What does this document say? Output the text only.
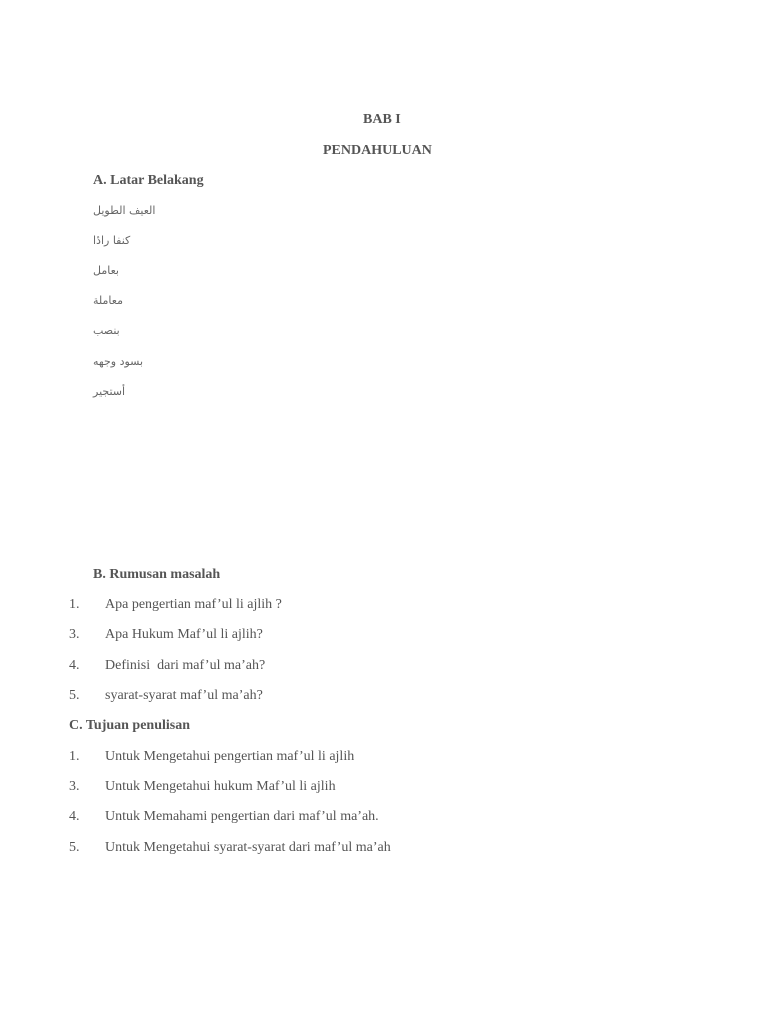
BAB I
PENDAHULUAN
A. Latar Belakang
العيف الطويل
كنفا رادٔا
بعامل
معاملة
بنصب
بسود وجهه
أستجير
B. Rumusan masalah
1. Apa pengertian maf’ul li ajlih ?
3. Apa Hukum Maf’ul li ajlih?
4. Definisi  dari maf’ul ma’ah?
5. syarat-syarat maf’ul ma’ah?
C. Tujuan penulisan
1. Untuk Mengetahui pengertian maf’ul li ajlih
3. Untuk Mengetahui hukum Maf’ul li ajlih
4. Untuk Memahami pengertian dari maf’ul ma’ah.
5. Untuk Mengetahui syarat-syarat dari maf’ul ma’ah
